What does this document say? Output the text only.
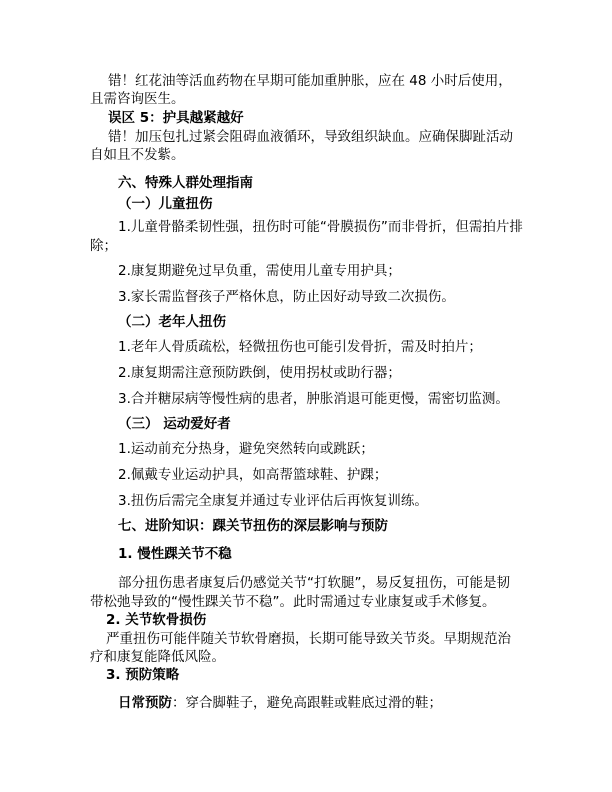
错！红花油等活血药物在早期可能加重肿胀，应在 48 小时后使用，
且需咨询医生。
误区 5：护具越紧越好
错！加压包扎过紧会阻碍血液循环，导致组织缺血。应确保脚趾活动
自如且不发紫。
六、特殊人群处理指南
（一）儿童扭伤
1.儿童骨骼柔韧性强，扭伤时可能“骨膜损伤”而非骨折，但需拍片排
除；
2.康复期避免过早负重，需使用儿童专用护具；
3.家长需监督孩子严格休息，防止因好动导致二次损伤。
（二）老年人扭伤
1.老年人骨质疏松，轻微扭伤也可能引发骨折，需及时拍片；
2.康复期需注意预防跌倒，使用拐杖或助行器；
3.合并糖尿病等慢性病的患者，肿胀消退可能更慢，需密切监测。
（三） 运动爱好者
1.运动前充分热身，避免突然转向或跳跃；
2.佩戴专业运动护具，如高帮篮球鞋、护踝；
3.扭伤后需完全康复并通过专业评估后再恢复训练。
七、进阶知识：踝关节扭伤的深层影响与预防
1. 慢性踝关节不稳
部分扭伤患者康复后仍感觉关节“打软腿”，易反复扭伤，可能是韧
带松弛导致的“慢性踝关节不稳”。此时需通过专业康复或手术修复。
2. 关节软骨损伤
严重扭伤可能伴随关节软骨磨损，长期可能导致关节炎。早期规范治
疗和康复能降低风险。
3. 预防策略
日常预防：穿合脚鞋子，避免高跟鞋或鞋底过滑的鞋；
